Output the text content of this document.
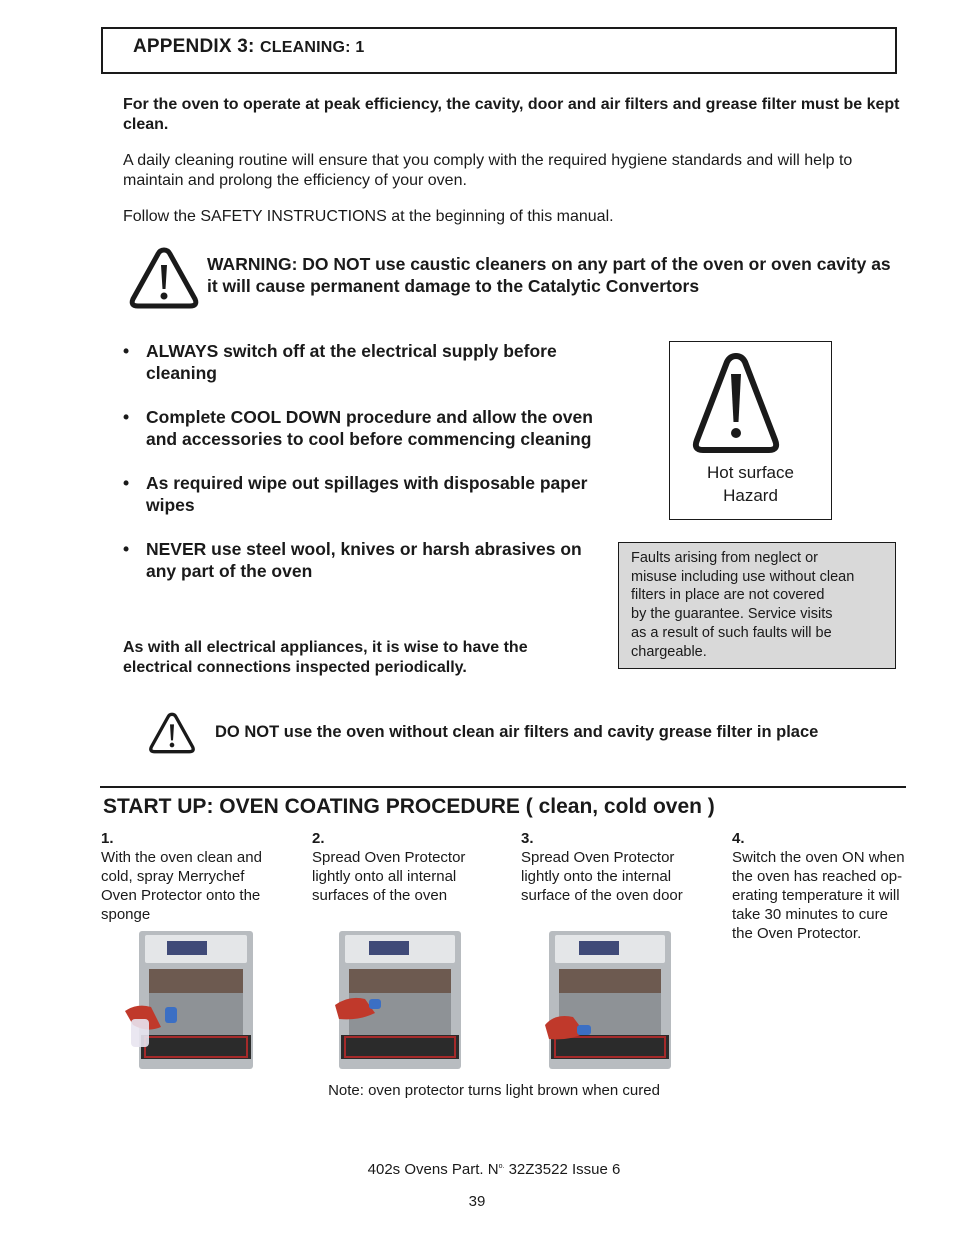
APPENDIX 3: CLEANING: 1

For the oven to operate at peak efficiency, the cavity, door and air filters and grease filter must be kept clean.

A daily cleaning routine will ensure that you comply with the required hygiene standards and will help to maintain and prolong the efficiency of your oven.

Follow the SAFETY INSTRUCTIONS at the beginning of this manual.

WARNING: DO NOT use caustic cleaners on any part of the oven or oven cavity as it will cause permanent damage to the Catalytic Convertors

• ALWAYS switch off at the electrical supply before cleaning
• Complete COOL DOWN procedure and allow the oven and accessories to cool before commencing cleaning
• As required wipe out spillages with disposable paper wipes
• NEVER use steel wool, knives or harsh abrasives on any part of the oven

As with all electrical appliances, it is wise to have the electrical connections inspected periodically.

Hot surface
Hazard
Faults arising from neglect or
misuse including use without clean
filters in place are not covered
by the guarantee. Service visits
as a result of such faults will be
chargeable.

DO NOT use the oven without clean air filters and cavity grease filter in place

START UP: OVEN COATING PROCEDURE ( clean, cold oven )
1.
With the oven clean and
cold, spray Merrychef
Oven Protector onto the
sponge
2.
Spread Oven Protector
lightly onto all internal
surfaces of the oven
3.
Spread Oven Protector
lightly onto the internal
surface of the oven door
4.
Switch the oven ON when
the oven has reached op-
erating temperature it will
take 30 minutes to cure
the Oven Protector.
Note: oven protector turns light brown when cured
402s Ovens Part. $N^{o.}$ 32Z3522 Issue 6
39
